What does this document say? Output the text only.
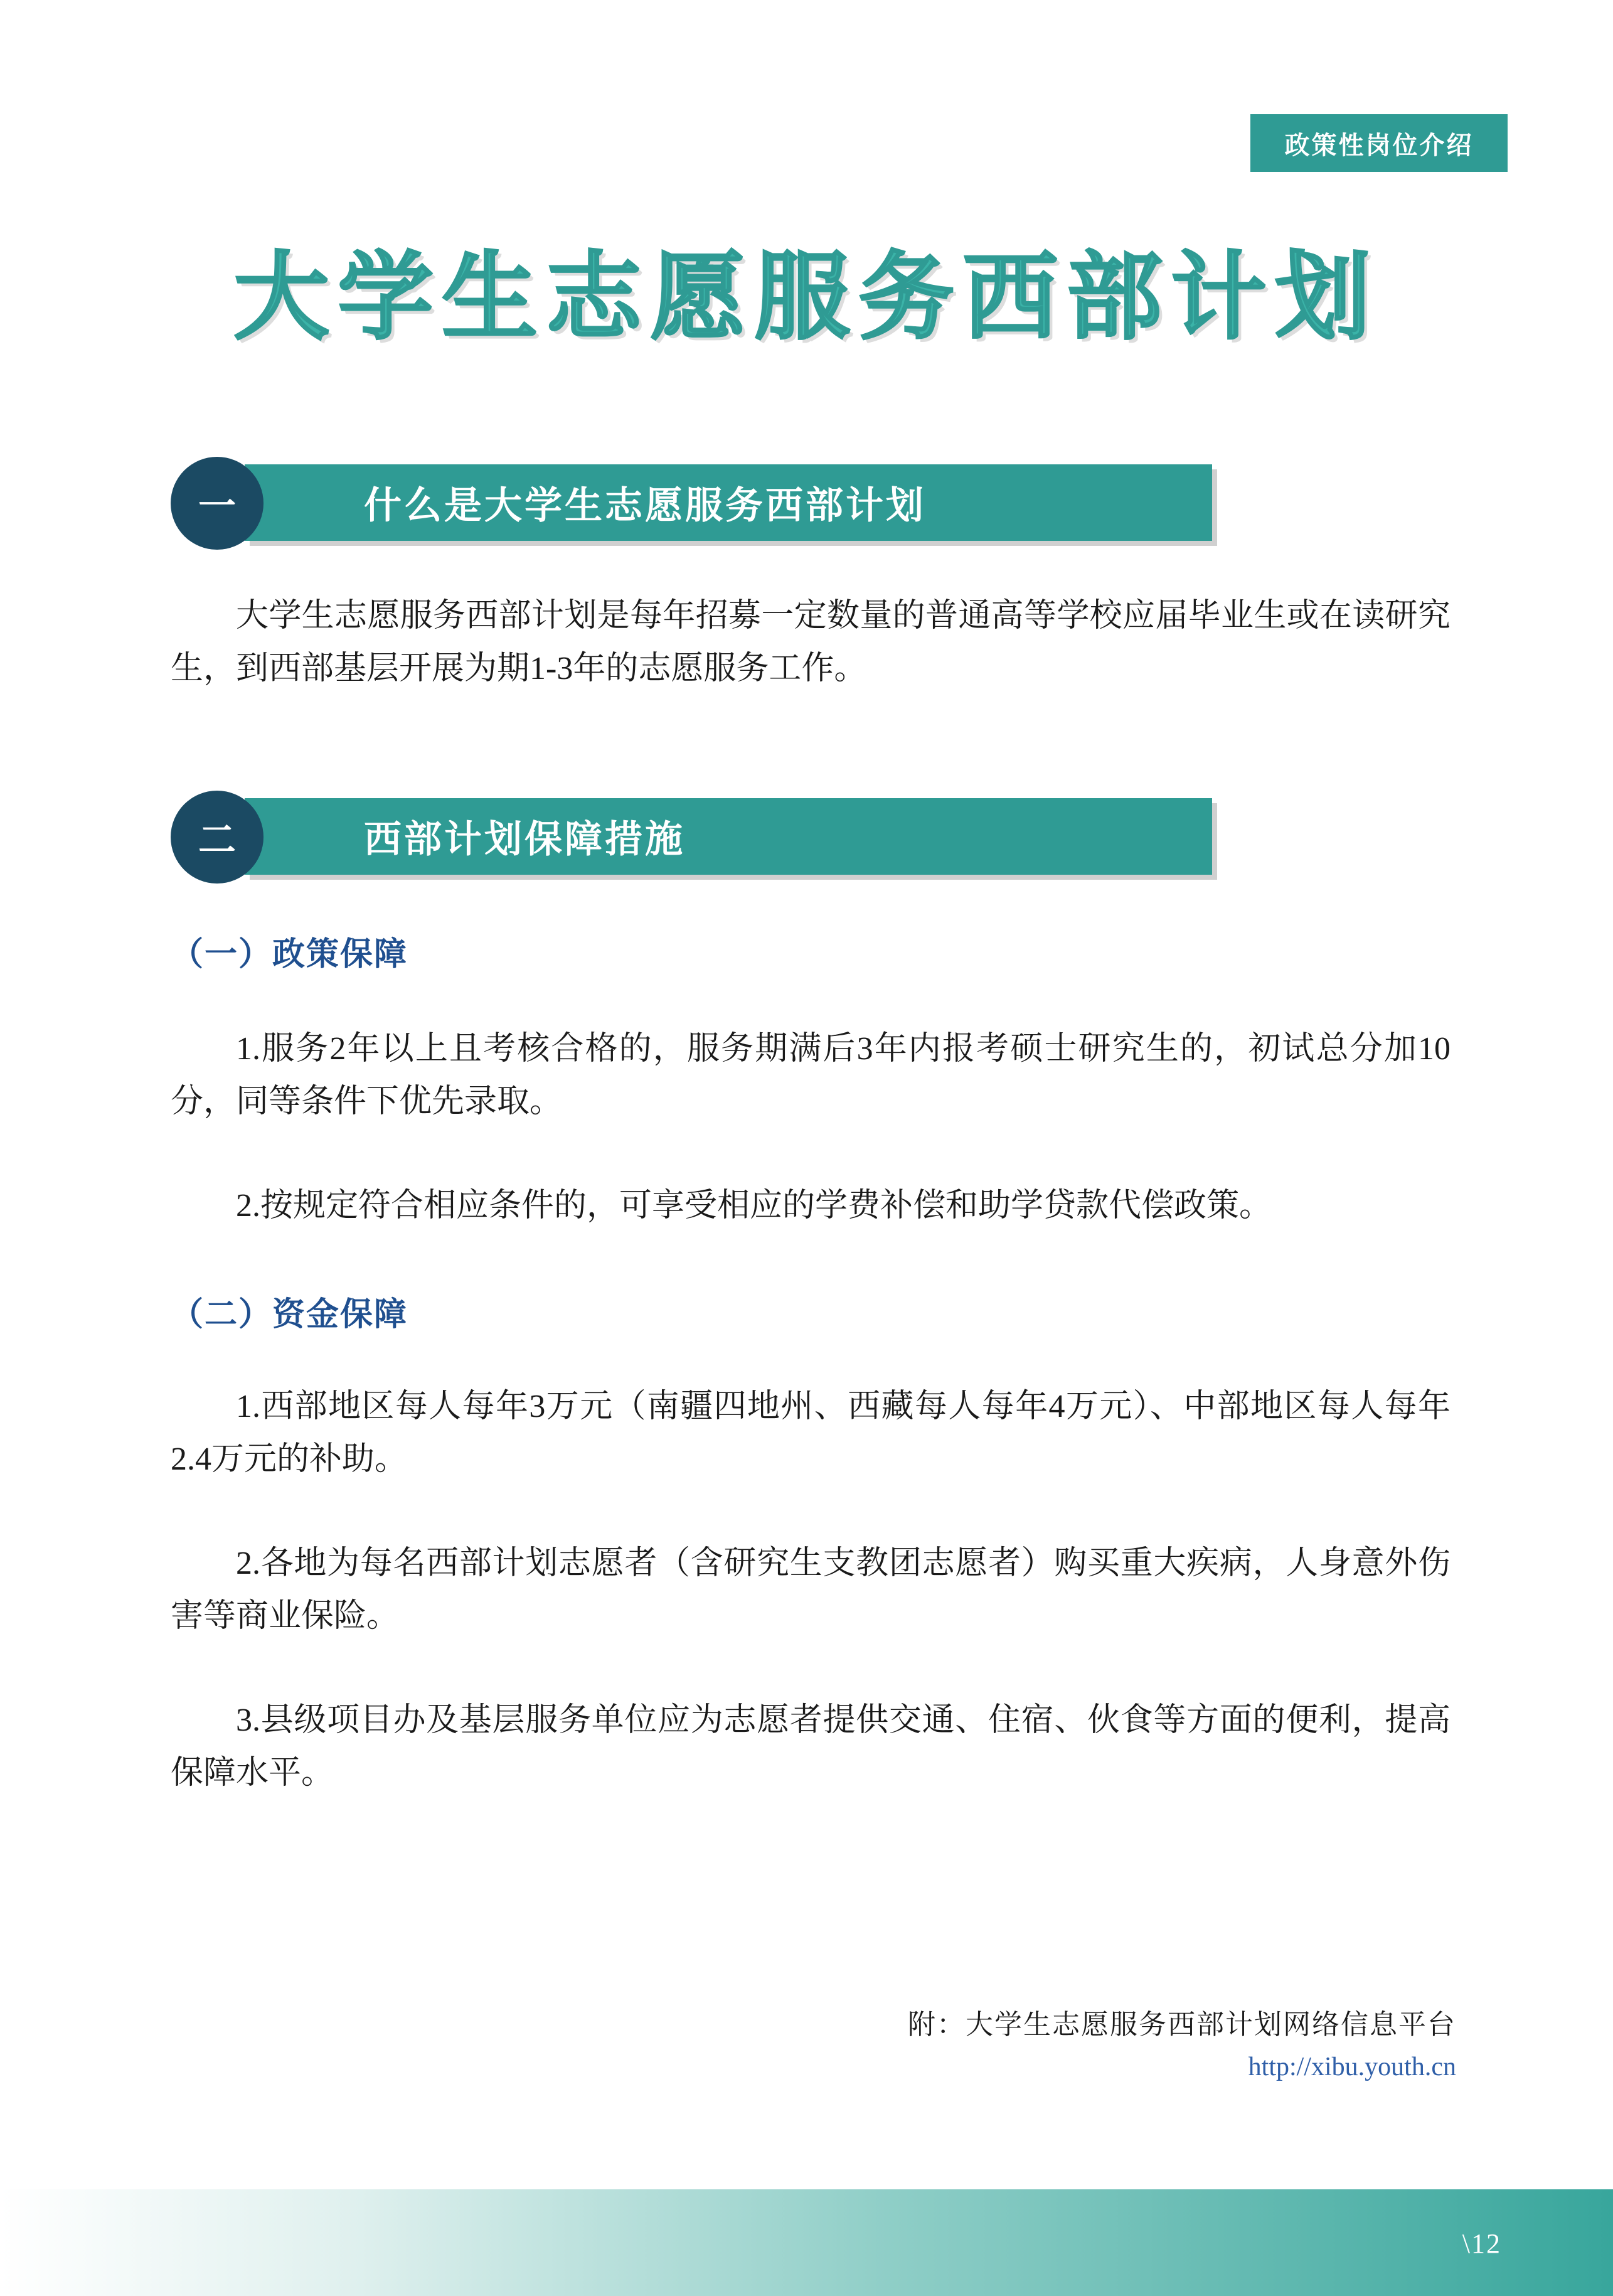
政策性岗位介绍
大学生志愿服务西部计划
什么是大学生志愿服务西部计划
一
大学生志愿服务西部计划是每年招募一定数量的普通高等学校应届毕业生或在读研究生，到西部基层开展为期1-3年的志愿服务工作。
西部计划保障措施
二
（一）政策保障
1.服务2年以上且考核合格的，服务期满后3年内报考硕士研究生的，初试总分加10分，同等条件下优先录取。
2.按规定符合相应条件的，可享受相应的学费补偿和助学贷款代偿政策。
（二）资金保障
1.西部地区每人每年3万元（南疆四地州、西藏每人每年4万元）、中部地区每人每年2.4万元的补助。
2.各地为每名西部计划志愿者（含研究生支教团志愿者）购买重大疾病，人身意外伤害等商业保险。
3.县级项目办及基层服务单位应为志愿者提供交通、住宿、伙食等方面的便利，提高保障水平。
附：大学生志愿服务西部计划网络信息平台
http://xibu.youth.cn
\12
